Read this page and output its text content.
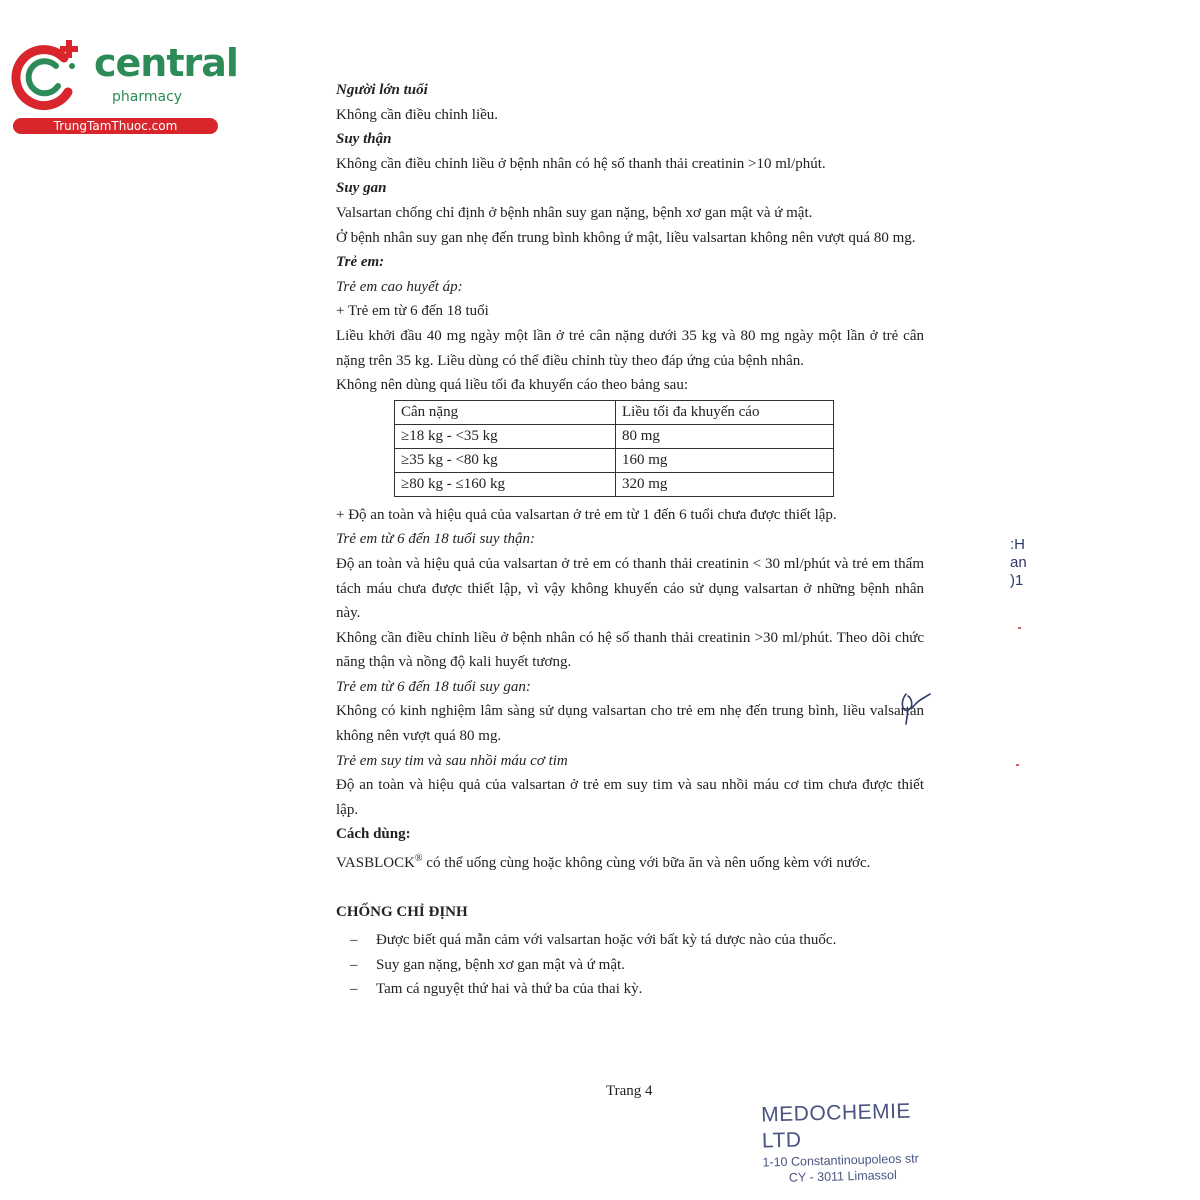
central
pharmacy
TrungTamThuoc.com

Người lớn tuổi

Không cần điều chỉnh liều.

Suy thận

Không cần điều chỉnh liều ở bệnh nhân có hệ số thanh thải creatinin >10 ml/phút.

Suy gan

Valsartan chống chỉ định ở bệnh nhân suy gan nặng, bệnh xơ gan mật và ứ mật.

Ở bệnh nhân suy gan nhẹ đến trung bình không ứ mật, liều valsartan không nên vượt quá 80 mg.

Trẻ em:

Trẻ em cao huyết áp:

+ Trẻ em từ 6 đến 18 tuổi

Liều khởi đầu 40 mg ngày một lần ở trẻ cân nặng dưới 35 kg và 80 mg ngày một lần ở trẻ cân nặng trên 35 kg. Liều dùng có thể điều chỉnh tùy theo đáp ứng của bệnh nhân.

Không nên dùng quá liều tối đa khuyến cáo theo bảng sau:

Cân nặng	Liều tối đa khuyến cáo
≥18 kg - <35 kg	80 mg
≥35 kg - <80 kg	160 mg
≥80 kg - ≤160 kg	320 mg

+ Độ an toàn và hiệu quả của valsartan ở trẻ em từ 1 đến 6 tuổi chưa được thiết lập.

Trẻ em từ 6 đến 18 tuổi suy thận:

Độ an toàn và hiệu quả của valsartan ở trẻ em có thanh thải creatinin < 30 ml/phút và trẻ em thẩm tách máu chưa được thiết lập, vì vậy không khuyến cáo sử dụng valsartan ở những bệnh nhân này.

Không cần điều chỉnh liều ở bệnh nhân có hệ số thanh thải creatinin >30 ml/phút. Theo dõi chức năng thận và nồng độ kali huyết tương.

Trẻ em từ 6 đến 18 tuổi suy gan:

Không có kinh nghiệm lâm sàng sử dụng valsartan cho trẻ em nhẹ đến trung bình, liều valsartan không nên vượt quá 80 mg.

Trẻ em suy tim và sau nhồi máu cơ tim

Độ an toàn và hiệu quả của valsartan ở trẻ em suy tim và sau nhồi máu cơ tim chưa được thiết lập.

Cách dùng:

VASBLOCK® có thể uống cùng hoặc không cùng với bữa ăn và nên uống kèm với nước.

CHỐNG CHỈ ĐỊNH

– Được biết quá mẫn cảm với valsartan hoặc với bất kỳ tá dược nào của thuốc.
– Suy gan nặng, bệnh xơ gan mật và ứ mật.
– Tam cá nguyệt thứ hai và thứ ba của thai kỳ.
Trang 4
MEDOCHEMIE LTD
1-10 Constantinoupoleos str
CY - 3011 Limassol
:H
an
)1
